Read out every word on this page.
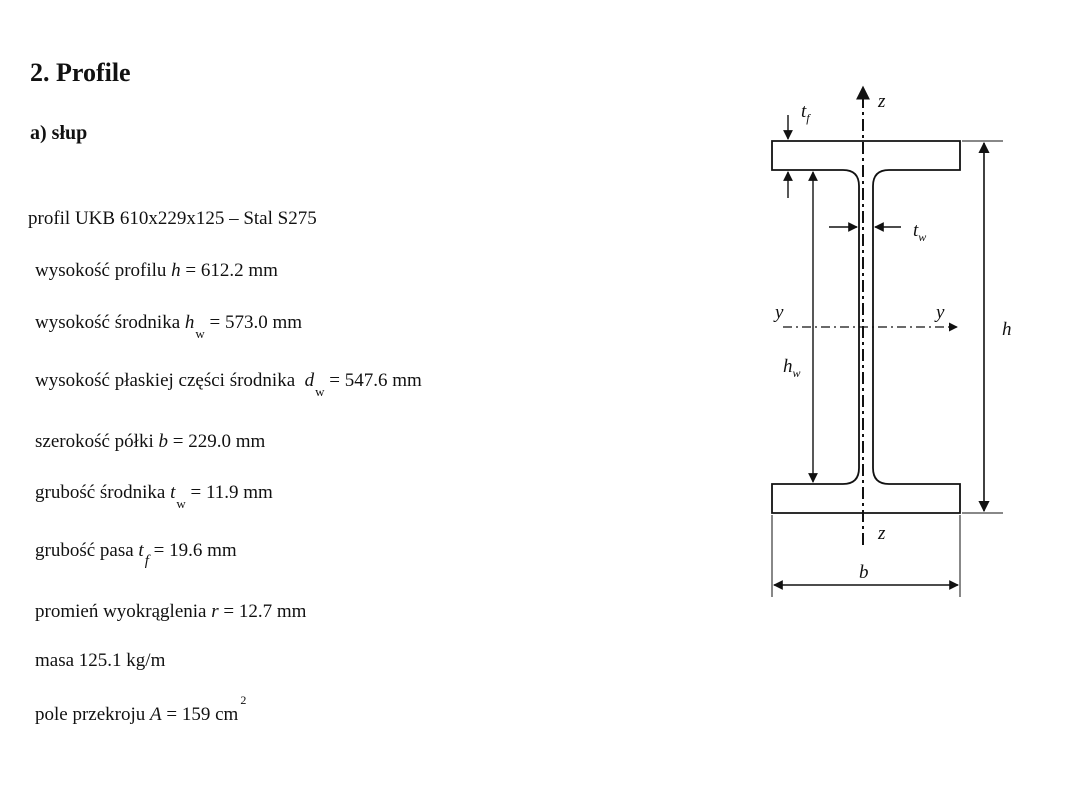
2. Profile
a) słup
profil UKB 610x229x125 – Stal S275
wysokość profilu h = 612.2 mm
wysokość środnika $h_w = 573.0$ mm
wysokość płaskiej części środnika $d_w = 547.6$ mm
szerokość półki b = 229.0 mm
grubość środnika $t_w = 11.9$ mm
grubość pasa $t_f = 19.6$ mm
promień wyokrąglenia r = 12.7 mm
masa 125.1 kg/m
pole przekroju A = 159 $cm^2$
z
z
y	y
$t_f$
$t_w$
$h_w$
h
b
